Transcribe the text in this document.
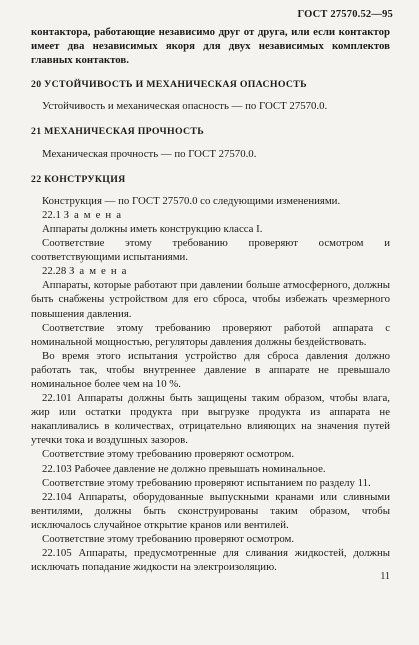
ГОСТ 27570.52—95

контактора, работающие независимо друг от друга, или если контактор имеет два независимых якоря для двух независимых комплектов главных контактов.

20 УСТОЙЧИВОСТЬ И МЕХАНИЧЕСКАЯ ОПАСНОСТЬ

Устойчивость и механическая опасность — по ГОСТ 27570.0.

21 МЕХАНИЧЕСКАЯ ПРОЧНОСТЬ

Механическая прочность — по ГОСТ 27570.0.

22 КОНСТРУКЦИЯ

Конструкция — по ГОСТ 27570.0 со следующими изменениями.

22.1 Замена

Аппараты должны иметь конструкцию класса I.

Соответствие этому требованию проверяют осмотром и соответствующими испытаниями.

22.28 Замена

Аппараты, которые работают при давлении больше атмосферного, должны быть снабжены устройством для его сброса, чтобы избежать чрезмерного повышения давления.

Соответствие этому требованию проверяют работой аппарата с номинальной мощностью, регуляторы давления должны бездействовать.

Во время этого испытания устройство для сброса давления должно работать так, чтобы внутреннее давление в аппарате не превышало номинальное более чем на 10 %.

22.101 Аппараты должны быть защищены таким образом, чтобы влага, жир или остатки продукта при выгрузке продукта из аппарата не накапливались в количествах, отрицательно влияющих на значения путей утечки тока и воздушных зазоров.

Соответствие этому требованию проверяют осмотром.

22.103 Рабочее давление не должно превышать номинальное.

Соответствие этому требованию проверяют испытанием по разделу 11.

22.104 Аппараты, оборудованные выпускными кранами или сливными вентилями, должны быть сконструированы таким образом, чтобы исключалось случайное открытие кранов или вентилей.

Соответствие этому требованию проверяют осмотром.

22.105 Аппараты, предусмотренные для сливания жидкостей, должны исключать попадание жидкости на электроизоляцию.

11
